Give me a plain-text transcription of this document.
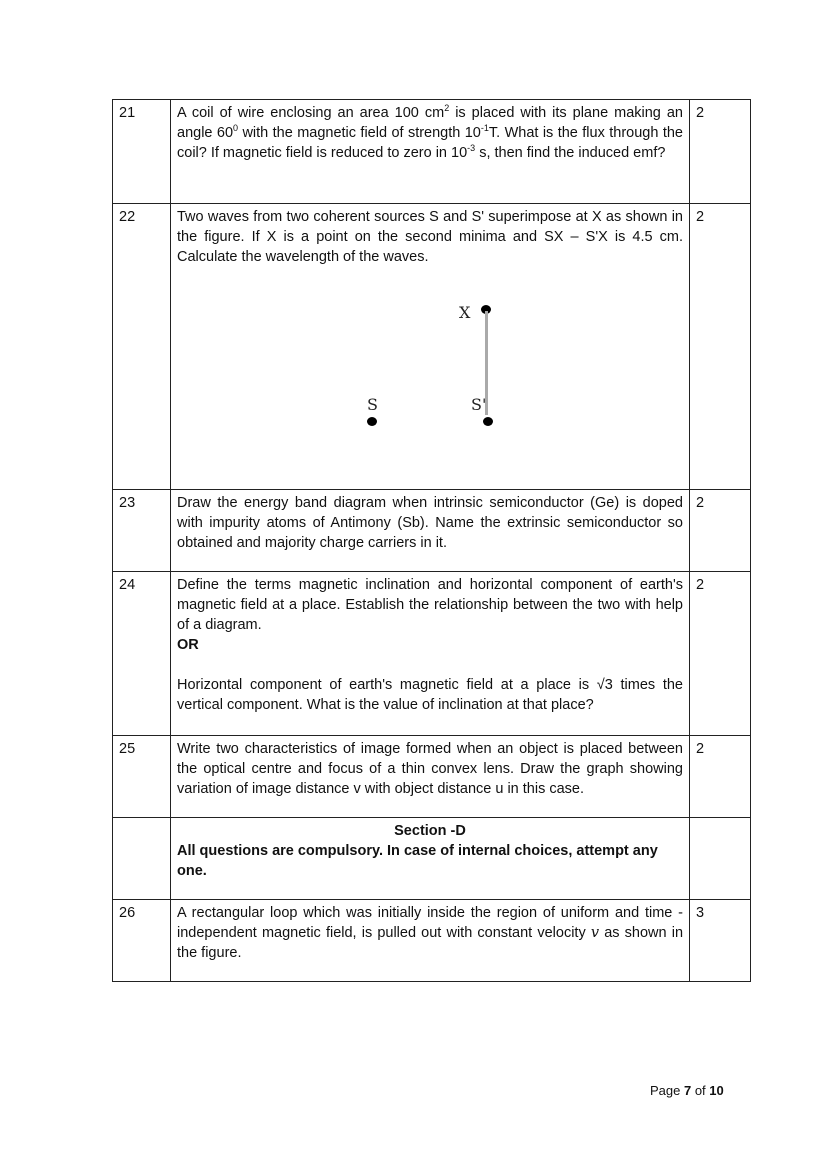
21	A coil of wire enclosing an area 100 $cm^2$ is placed with its plane making an angle $60^0$ with the magnetic field of strength $10^{-1}T$. What is the flux through the coil? If magnetic field is reduced to zero in $10^{-3}$ s, then find the induced emf?	2
22	Two waves from two coherent sources S and S' superimpose at X as shown in the figure. If X is a point on the second minima and SX – S'X is 4.5 cm. Calculate the wavelength of the waves.

X
S S'	2
23	Draw the energy band diagram when intrinsic semiconductor (Ge) is doped with impurity atoms of Antimony (Sb). Name the extrinsic semiconductor so obtained and majority charge carriers in it.	2
24	Define the terms magnetic inclination and horizontal component of earth's magnetic field at a place. Establish the relationship between the two with help of a diagram.

OR

Horizontal component of earth's magnetic field at a place is √3 times the vertical component. What is the value of inclination at that place?	2
25	Write two characteristics of image formed when an object is placed between the optical centre and focus of a thin convex lens. Draw the graph showing variation of image distance v with object distance u in this case.	2

	Section -D
All questions are compulsory. In case of internal choices, attempt any one.	

26	A rectangular loop which was initially inside the region of uniform and time - independent magnetic field, is pulled out with constant velocity v as shown in the figure.	3
Page 7 of 10
